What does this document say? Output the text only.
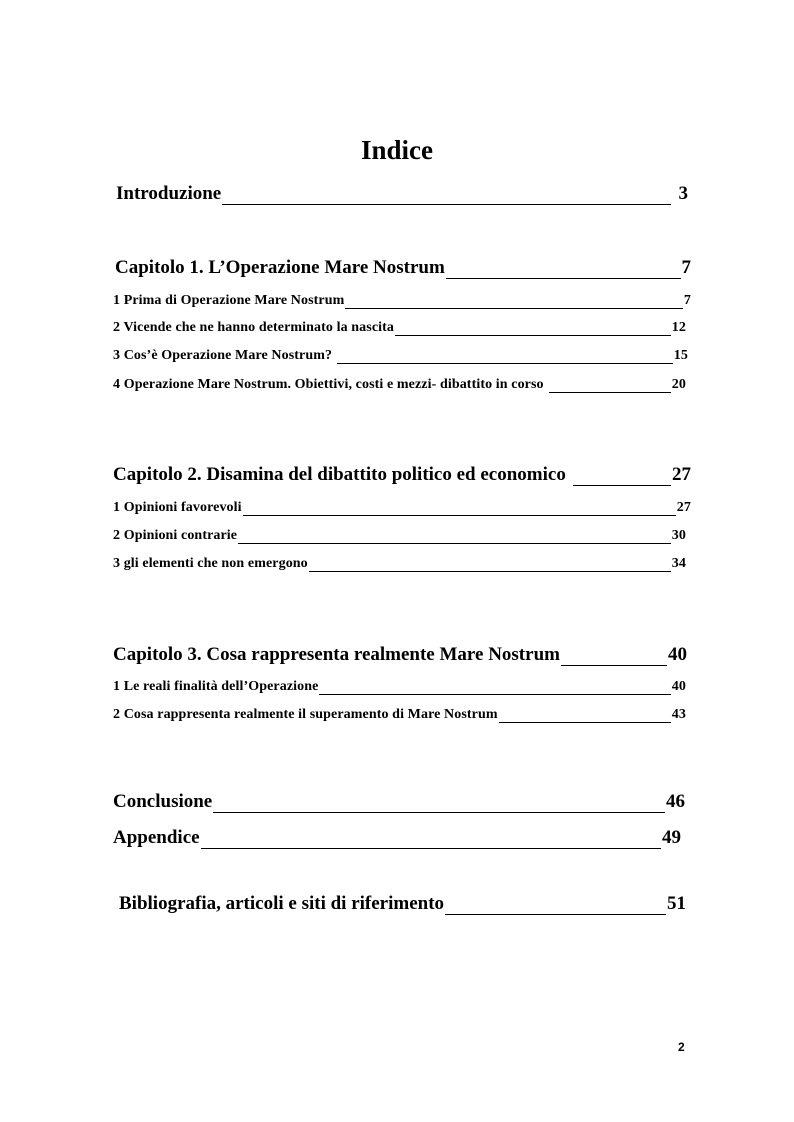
Indice
Introduzione	3
Capitolo 1. L’Operazione Mare Nostrum	7
1 Prima di Operazione Mare Nostrum	7
2 Vicende che ne hanno determinato la nascita	12
3 Cos’è Operazione Mare Nostrum?	15
4 Operazione Mare Nostrum. Obiettivi, costi e mezzi- dibattito in corso	20
Capitolo 2. Disamina del dibattito politico ed economico	27
1 Opinioni favorevoli	27
2 Opinioni contrarie	30
3 gli elementi che non emergono	34
Capitolo 3. Cosa rappresenta realmente Mare Nostrum	40
1 Le reali finalità dell’Operazione	40
2 Cosa rappresenta realmente il superamento di Mare Nostrum	43
Conclusione	46
Appendice	49
Bibliografia, articoli e siti di riferimento	51
2
